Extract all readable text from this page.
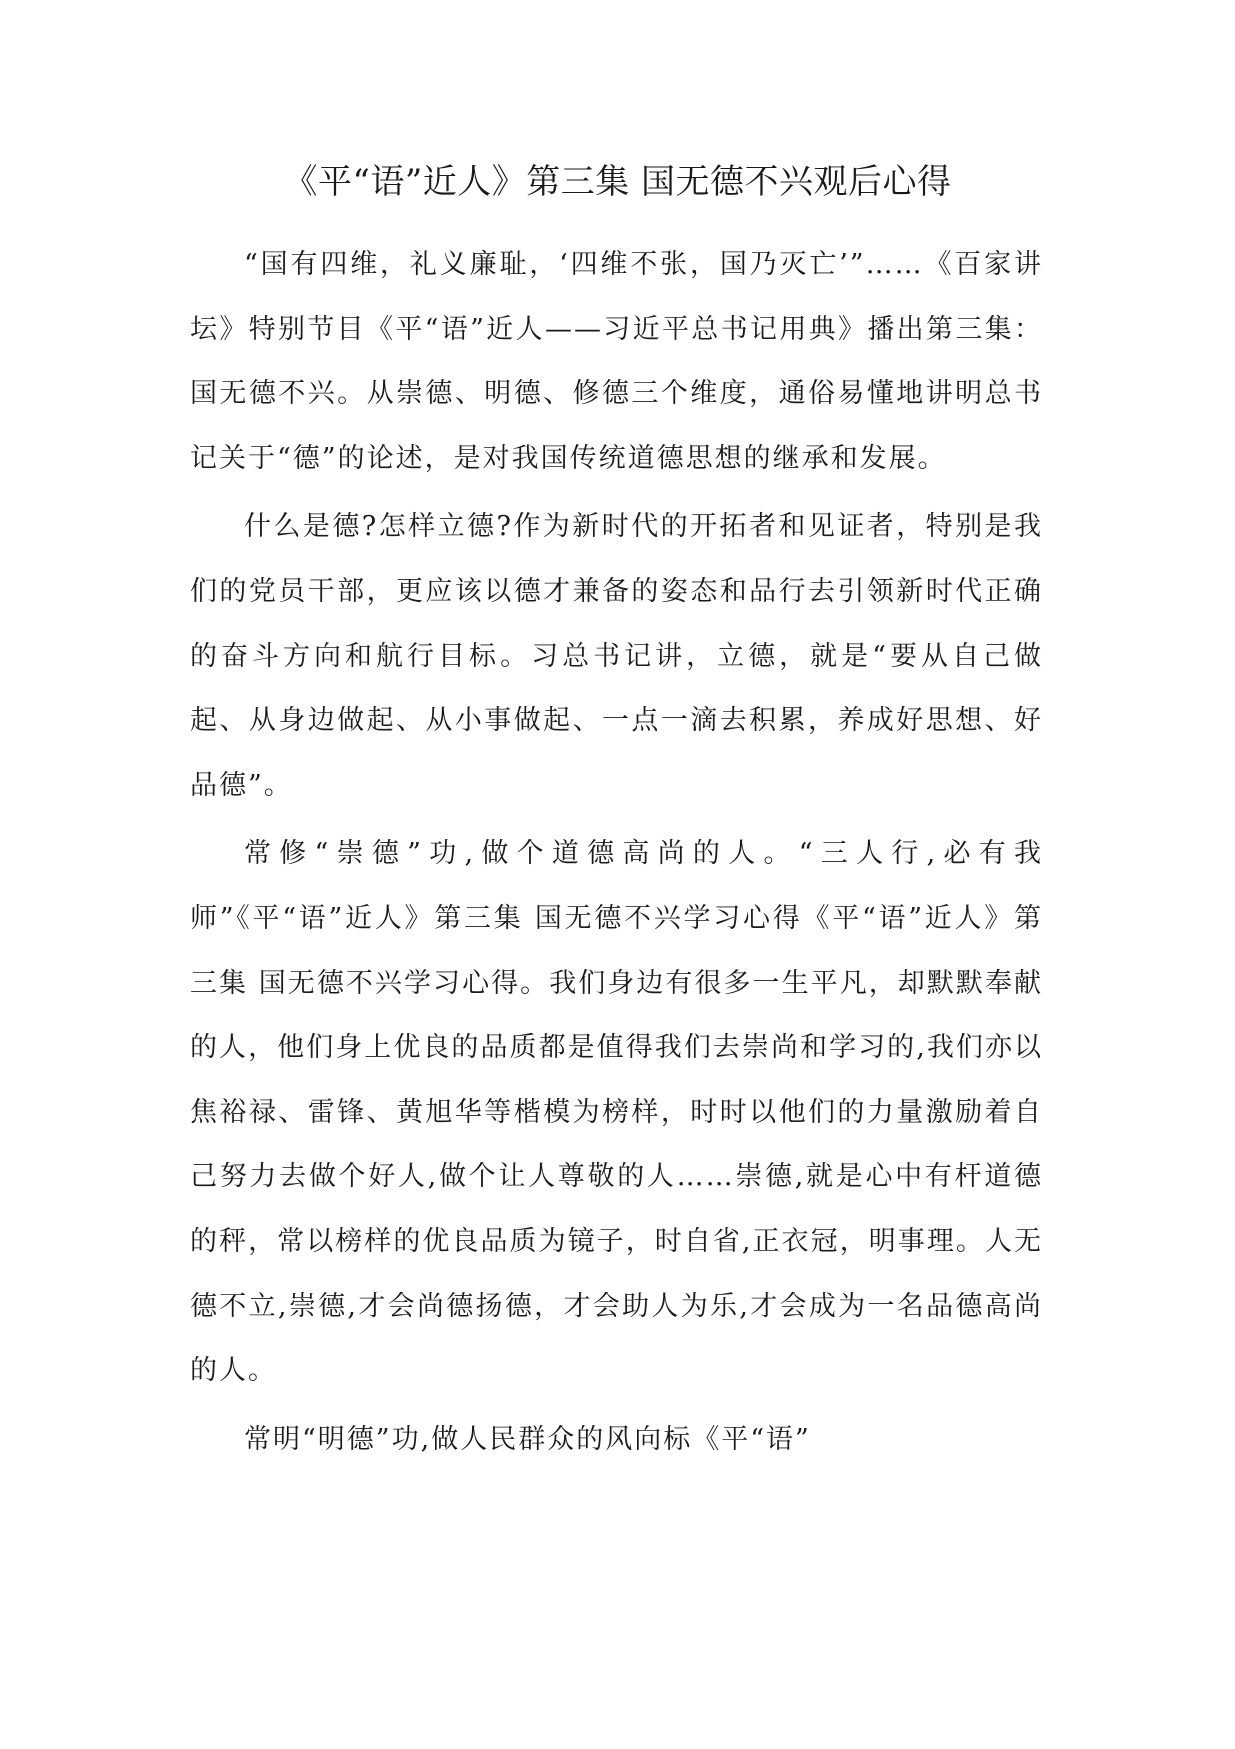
《平“语”近人》第三集 国无德不兴观后心得

“国有四维，礼义廉耻，‘四维不张，国乃灭亡’”……《百家讲坛》特别节目《平“语”近人——习近平总书记用典》播出第三集：国无德不兴。从崇德、明德、修德三个维度，通俗易懂地讲明总书记关于“德”的论述，是对我国传统道德思想的继承和发展。

什么是德?怎样立德?作为新时代的开拓者和见证者，特别是我们的党员干部，更应该以德才兼备的姿态和品行去引领新时代正确的奋斗方向和航行目标。习总书记讲，立德，就是“要从自己做起、从身边做起、从小事做起、一点一滴去积累，养成好思想、好品德”。

常修“崇德”功,做个道德高尚的人。“三人行,必有我师”《平“语”近人》第三集 国无德不兴学习心得《平“语”近人》第三集 国无德不兴学习心得。我们身边有很多一生平凡，却默默奉献的人，他们身上优良的品质都是值得我们去崇尚和学习的,我们亦以焦裕禄、雷锋、黄旭华等楷模为榜样，时时以他们的力量激励着自己努力去做个好人,做个让人尊敬的人……崇德,就是心中有杆道德的秤，常以榜样的优良品质为镜子，时自省,正衣冠，明事理。人无德不立,崇德,才会尚德扬德，才会助人为乐,才会成为一名品德高尚的人。

常明“明德”功,做人民群众的风向标《平“语”
